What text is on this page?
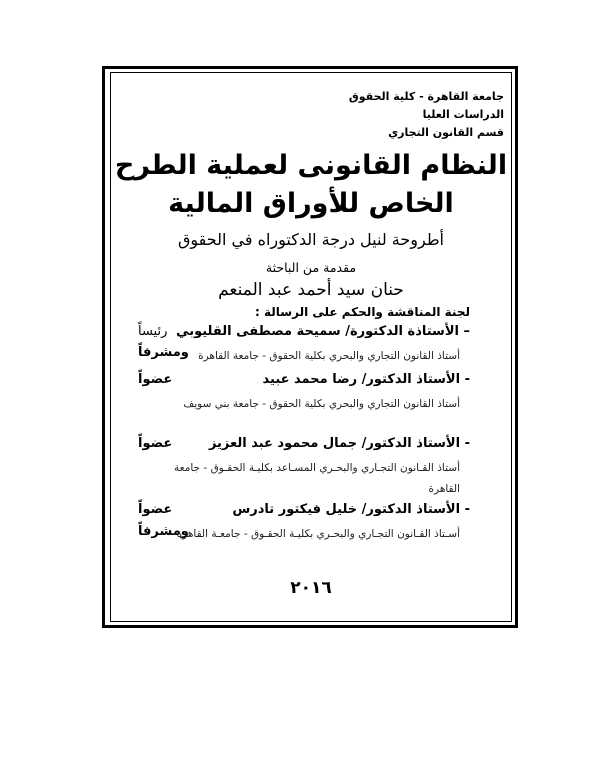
جامعة القاهرة - كلية الحقوق
الدراسات العليا
قسم القانون التجاري
النظام القانونى لعملية الطرح
الخاص للأوراق المالية
أطروحة لنيل درجة الدكتوراه في الحقوق
مقدمة من الباحثة
حنان سيد أحمد عبد المنعم
لجنة المناقشة والحكم على الرسالة :
– الأستاذة الدكتورة/ سميحة مصطفى القليوبي
رئيساً
ومشرفاً أستاذ القانون التجاري والبحري بكلية الحقوق - جامعة القاهرة
- الأستاذ الدكتور/ رضا محمد عبيد
عضواً
أستاذ القانون التجاري والبحري بكلية الحقوق - جامعة بني سويف
- الأستاذ الدكتور/ جمال محمود عبد العزيز
عضواً
أستاذ القـانون التجـاري والبحـري المسـاعد بكليـة الحقـوق - جامعة القاهرة
- الأستاذ الدكتور/ خليل فيكتور تادرس
عضواً
ومشرفاً
أسـتاذ القـانون التجـاري والبحـري بكليـة الحقـوق - جامعـة القاهرة
٢٠١٦
